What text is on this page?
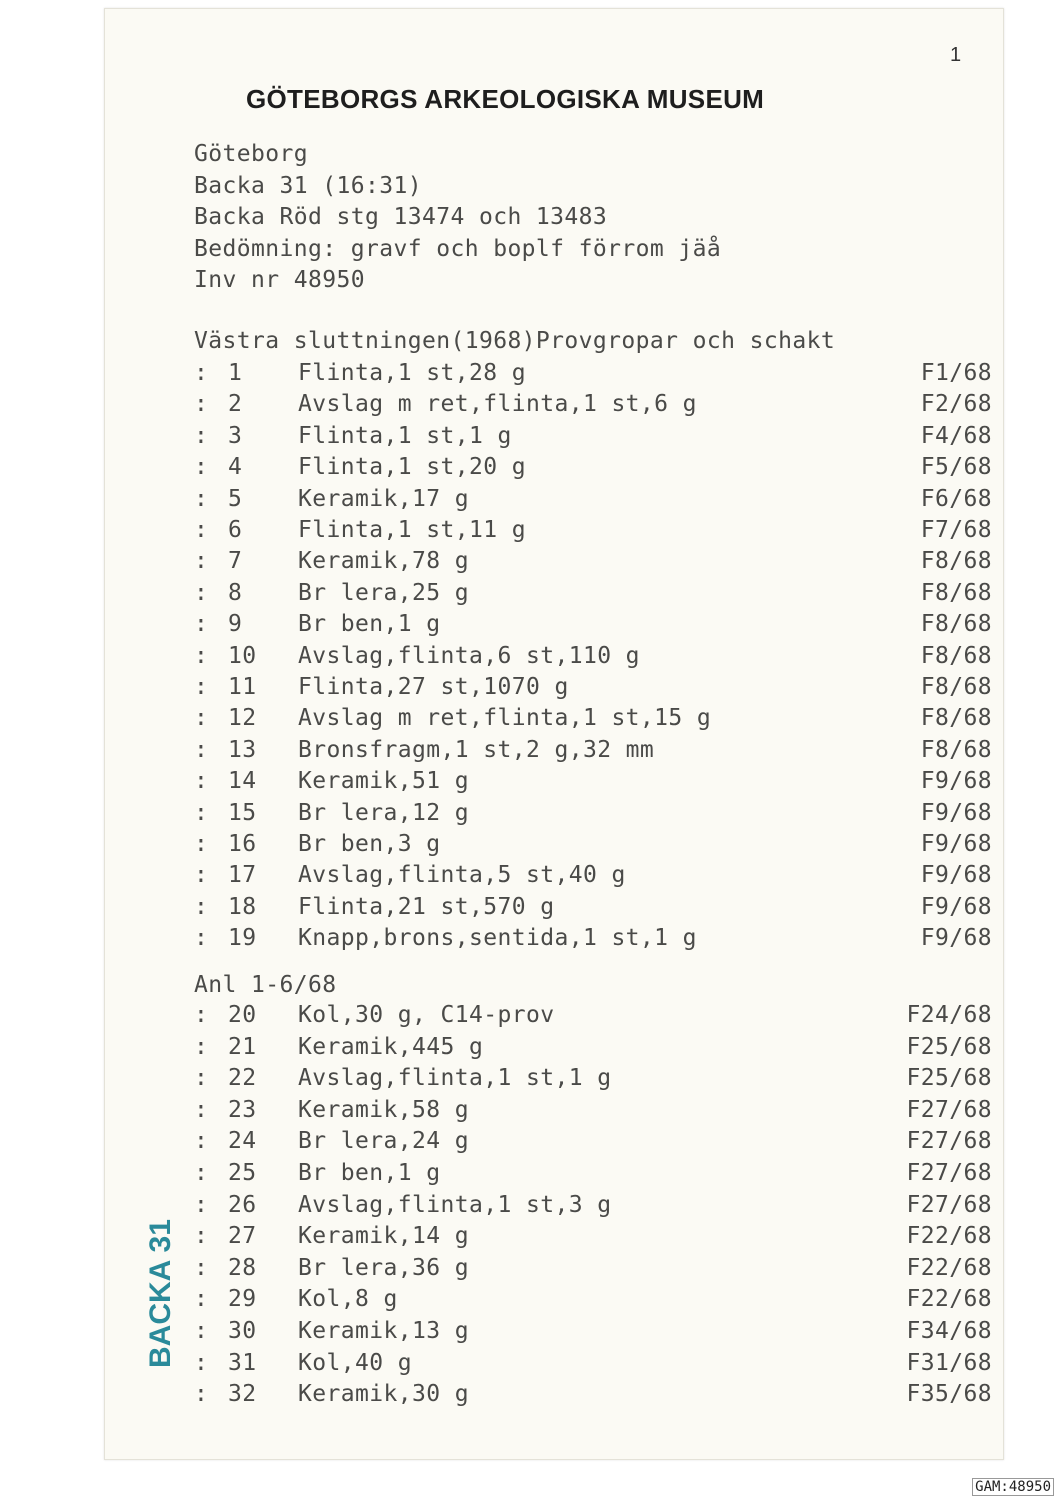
1
GÖTEBORGS ARKEOLOGISKA MUSEUM
Göteborg
Backa 31 (16:31)
Backa Röd stg 13474 och 13483
Bedömning: gravf och boplf förrom jäå
Inv nr 48950
Västra sluttningen(1968)Provgropar och schakt
: 1 Flinta,1 st,28 g	F1/68
: 2 Avslag m ret,flinta,1 st,6 g	F2/68
: 3 Flinta,1 st,1 g	F4/68
: 4 Flinta,1 st,20 g	F5/68
: 5 Keramik,17 g	F6/68
: 6 Flinta,1 st,11 g	F7/68
: 7 Keramik,78 g	F8/68
: 8 Br lera,25 g	F8/68
: 9 Br ben,1 g	F8/68
: 10 Avslag,flinta,6 st,110 g	F8/68
: 11 Flinta,27 st,1070 g	F8/68
: 12 Avslag m ret,flinta,1 st,15 g	F8/68
: 13 Bronsfragm,1 st,2 g,32 mm	F8/68
: 14 Keramik,51 g	F9/68
: 15 Br lera,12 g	F9/68
: 16 Br ben,3 g	F9/68
: 17 Avslag,flinta,5 st,40 g	F9/68
: 18 Flinta,21 st,570 g	F9/68
: 19 Knapp,brons,sentida,1 st,1 g	F9/68
Anl 1-6/68
: 20 Kol,30 g, C14-prov	F24/68
: 21 Keramik,445 g	F25/68
: 22 Avslag,flinta,1 st,1 g	F25/68
: 23 Keramik,58 g	F27/68
: 24 Br lera,24 g	F27/68
: 25 Br ben,1 g	F27/68
: 26 Avslag,flinta,1 st,3 g	F27/68
: 27 Keramik,14 g	F22/68
: 28 Br lera,36 g	F22/68
: 29 Kol,8 g	F22/68
: 30 Keramik,13 g	F34/68
: 31 Kol,40 g	F31/68
: 32 Keramik,30 g	F35/68
BACKA 31
GAM:48950
